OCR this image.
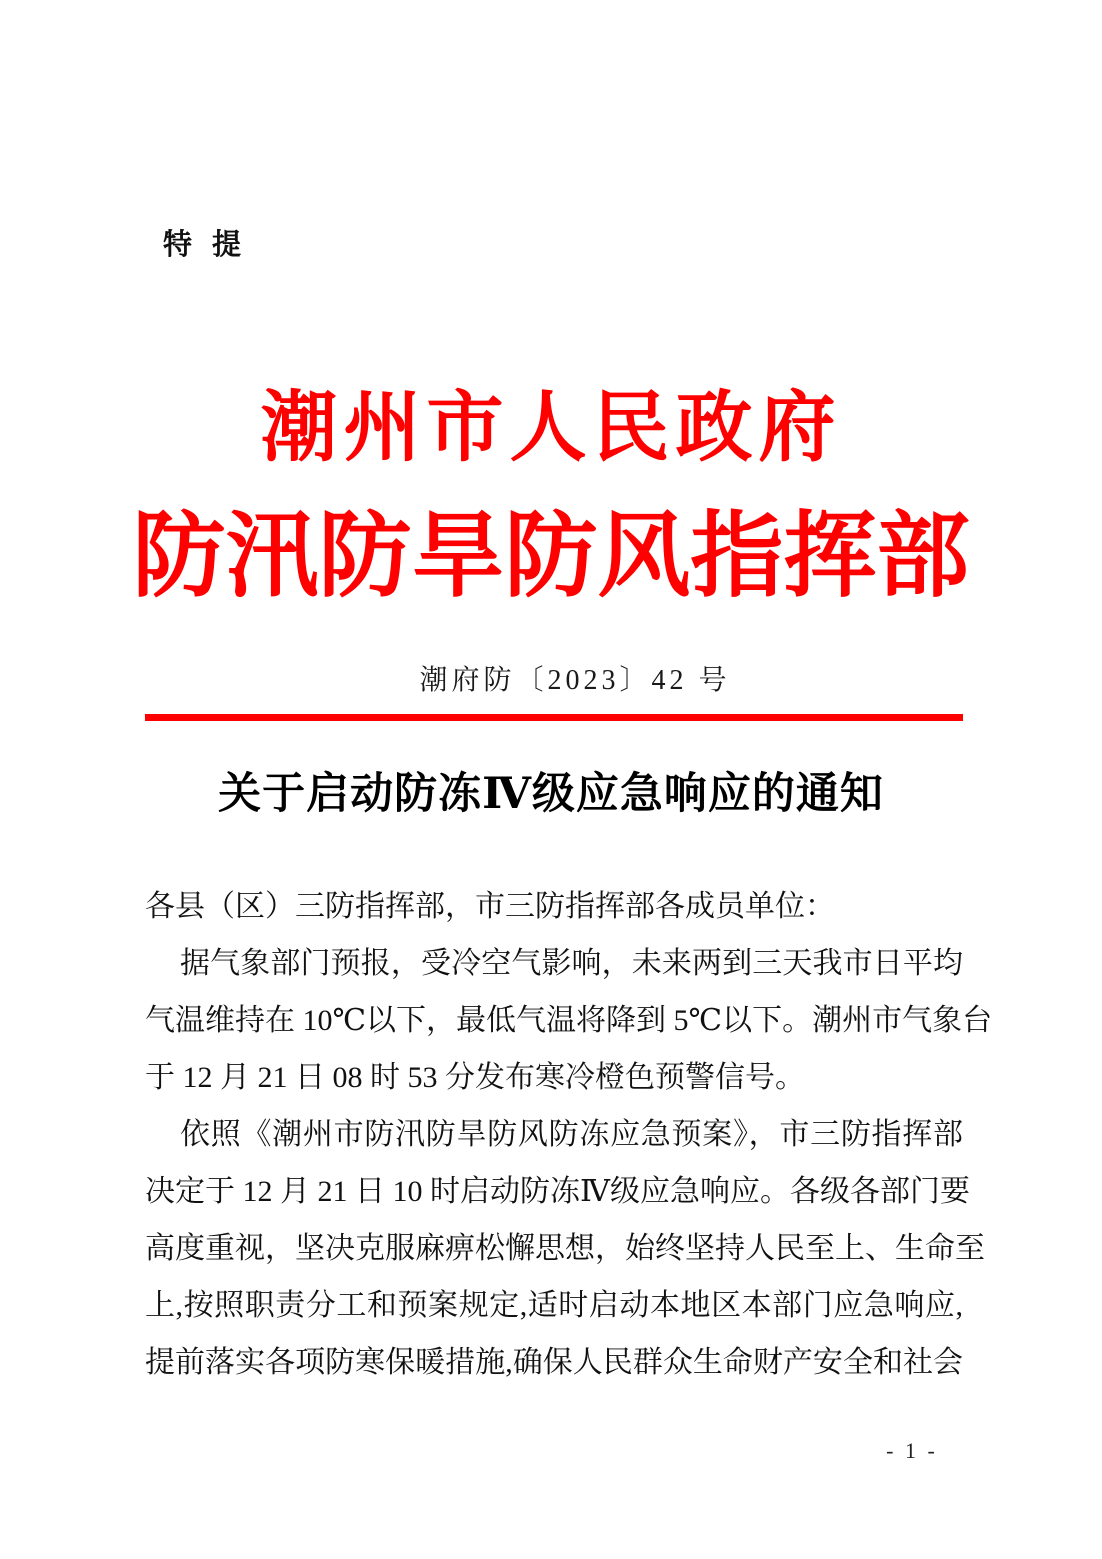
特 提
潮州市人民政府
防汛防旱防风指挥部
潮府防〔2023〕42 号
关于启动防冻Ⅳ级应急响应的通知
各县（区）三防指挥部，市三防指挥部各成员单位：
据气象部门预报，受冷空气影响，未来两到三天我市日平均
气温维持在 10℃以下，最低气温将降到 5℃以下。潮州市气象台
于 12 月 21 日 08 时 53 分发布寒冷橙色预警信号。
依照《潮州市防汛防旱防风防冻应急预案》，市三防指挥部
决定于 12 月 21 日 10 时启动防冻Ⅳ级应急响应。各级各部门要
高度重视，坚决克服麻痹松懈思想，始终坚持人民至上、生命至
上,按照职责分工和预案规定,适时启动本地区本部门应急响应,
提前落实各项防寒保暖措施,确保人民群众生命财产安全和社会
- 1 -
